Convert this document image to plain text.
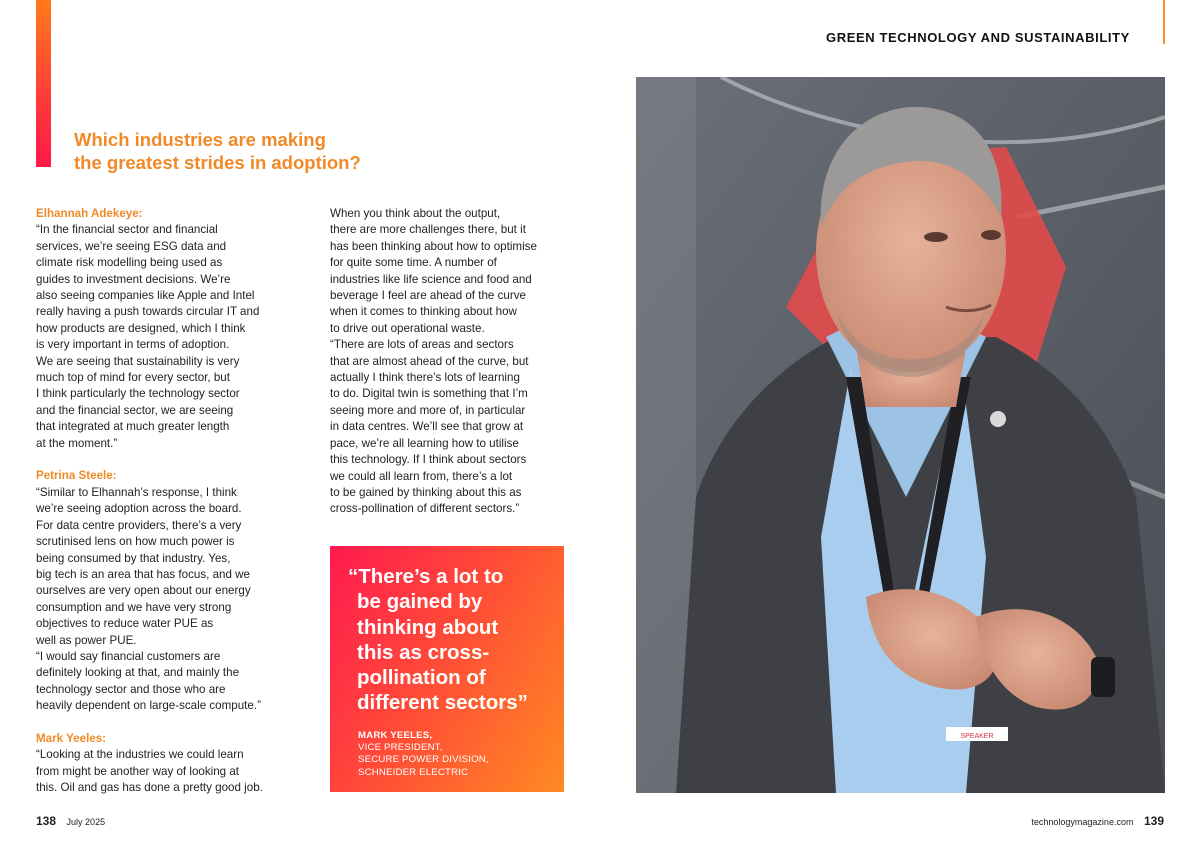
GREEN TECHNOLOGY AND SUSTAINABILITY
Which industries are making
the greatest strides in adoption?

Elhannah Adekeye:

“In the financial sector and financial
services, we’re seeing ESG data and
climate risk modelling being used as
guides to investment decisions. We’re
also seeing companies like Apple and Intel
really having a push towards circular IT and
how products are designed, which I think
is very important in terms of adoption.
We are seeing that sustainability is very
much top of mind for every sector, but
I think particularly the technology sector
and the financial sector, we are seeing
that integrated at much greater length
at the moment.”

Petrina Steele:

“Similar to Elhannah’s response, I think
we’re seeing adoption across the board.
For data centre providers, there’s a very
scrutinised lens on how much power is
being consumed by that industry. Yes,
big tech is an area that has focus, and we
ourselves are very open about our energy
consumption and we have very strong
objectives to reduce water PUE as
well as power PUE.

“I would say financial customers are
definitely looking at that, and mainly the
technology sector and those who are
heavily dependent on large-scale compute.”

Mark Yeeles:

“Looking at the industries we could learn
from might be another way of looking at
this. Oil and gas has done a pretty good job.

When you think about the output,
there are more challenges there, but it
has been thinking about how to optimise
for quite some time. A number of
industries like life science and food and
beverage I feel are ahead of the curve
when it comes to thinking about how
to drive out operational waste.

“There are lots of areas and sectors
that are almost ahead of the curve, but
actually I think there’s lots of learning
to do. Digital twin is something that I’m
seeing more and more of, in particular
in data centres. We’ll see that grow at
pace, we’re all learning how to utilise
this technology. If I think about sectors
we could all learn from, there’s a lot
to be gained by thinking about this as
cross-pollination of different sectors.”

“There’s a lot to
be gained by
thinking about
this as cross-
pollination of
different sectors”

MARK YEELES,

VICE PRESIDENT,
SECURE POWER DIVISION,
SCHNEIDER ELECTRIC

SPEAKER
138 July 2025	technologymagazine.com 139
